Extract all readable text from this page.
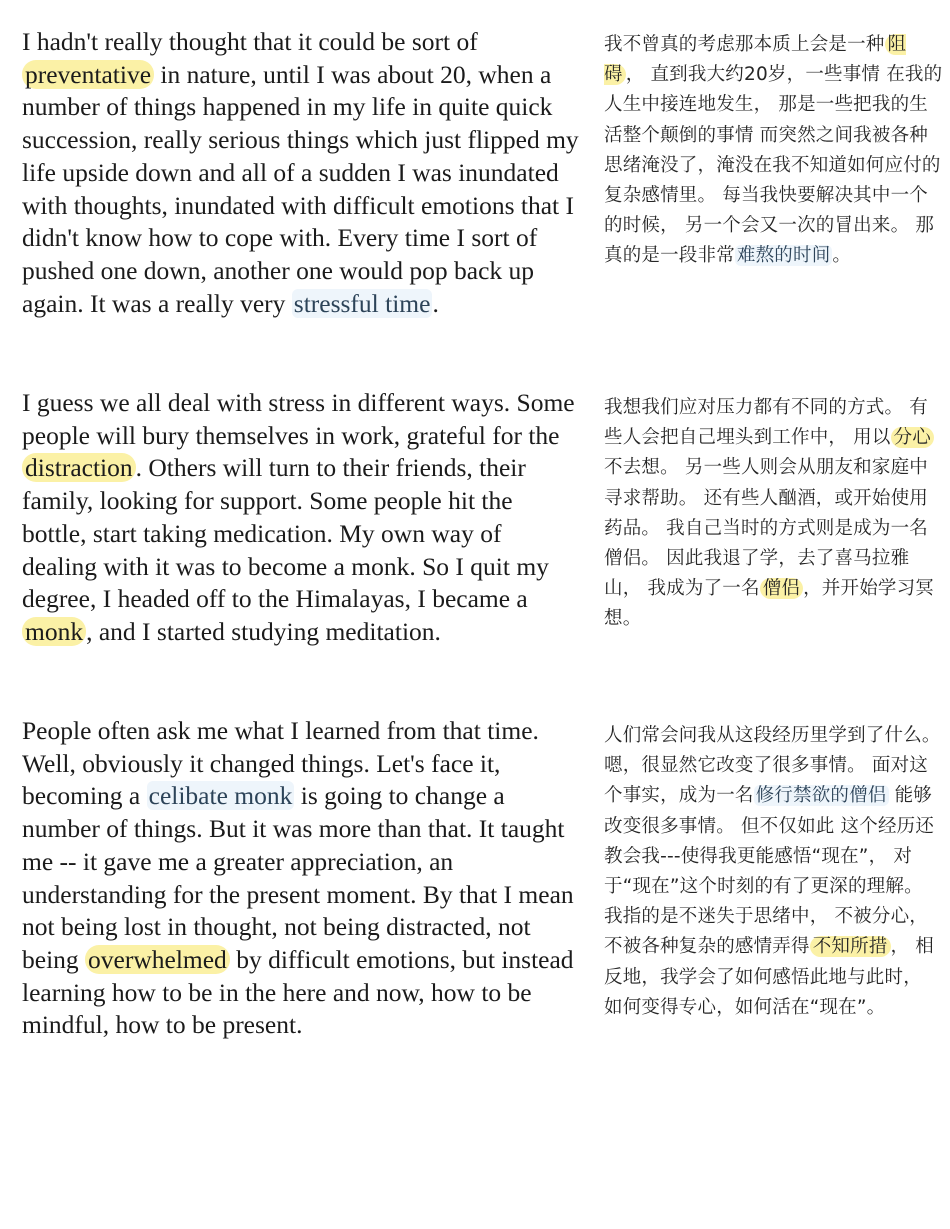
I hadn't really thought that it could be sort of preventative in nature, until I was about 20, when a number of things happened in my life in quite quick succession, really serious things which just flipped my life upside down and all of a sudden I was inundated with thoughts, inundated with difficult emotions that I didn't know how to cope with. Every time I sort of pushed one down, another one would pop back up again. It was a really very stressful time.

我不曾真的考虑那本质上会是一种 阻碍 ， 直到我大约20岁，一些事情 在我的人生中接连地发生， 那是一些把我的生活整个颠倒的事情 而突然之间我被各种思绪淹没了，淹没在我不知道如何应付的复杂感情里。 每当我快要解决其中一个的时候， 另一个会又一次的冒出来。 那真的是一段非常 难熬的时间 。

I guess we all deal with stress in different ways. Some people will bury themselves in work, grateful for the distraction . Others will turn to their friends, their family, looking for support. Some people hit the bottle, start taking medication. My own way of dealing with it was to become a monk. So I quit my degree, I headed off to the Himalayas, I became a monk , and I started studying meditation.

我想我们应对压力都有不同的方式。 有些人会把自己埋头到工作中， 用以 分心不去想。 另一些人则会从朋友和家庭中寻求帮助。 还有些人酗酒，或开始使用药品。 我自己当时的方式则是成为一名僧侣。 因此我退了学，去了喜马拉雅山， 我成为了一名 僧侣 ，并开始学习冥想。

People often ask me what I learned from that time. Well, obviously it changed things. Let's face it, becoming a celibate monk is going to change a number of things. But it was more than that. It taught me -- it gave me a greater appreciation, an understanding for the present moment. By that I mean not being lost in thought, not being distracted, not being overwhelmed by difficult emotions, but instead learning how to be in the here and now, how to be mindful, how to be present.

人们常会问我从这段经历里学到了什么。 嗯，很显然它改变了很多事情。 面对这个事实，成为一名 修行禁欲的僧侣 能够改变很多事情。 但不仅如此 这个经历还教会我---使得我更能感悟“现在”， 对于“现在”这个时刻的有了更深的理解。 我指的是不迷失于思绪中， 不被分心，不被各种复杂的感情弄得 不知所措 ， 相反地，我学会了如何感悟此地与此时， 如何变得专心，如何活在“现在”。
